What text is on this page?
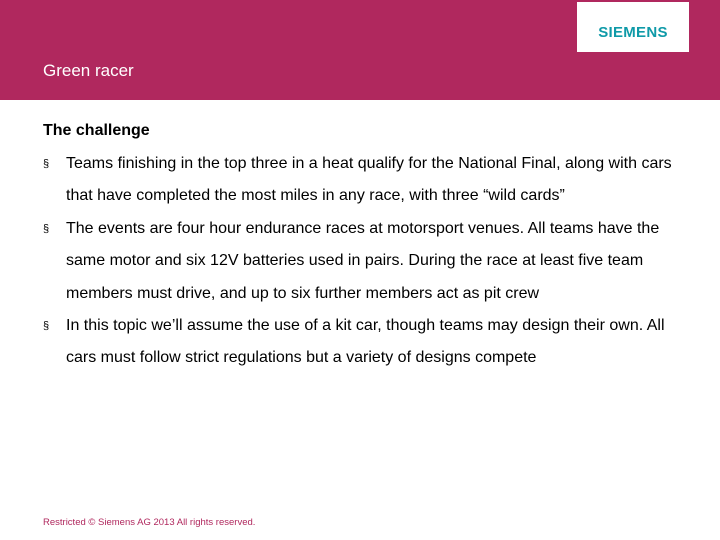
SIEMENS
Green racer
The challenge
§ Teams finishing in the top three in a heat qualify for the National Final, along with cars that have completed the most miles in any race, with three “wild cards”
§ The events are four hour endurance races at motorsport venues. All teams have the same motor and six 12V batteries used in pairs. During the race at least five team members must drive, and up to six further members act as pit crew
§ In this topic we’ll assume the use of a kit car, though teams may design their own. All cars must follow strict regulations but a variety of designs compete
Restricted © Siemens AG 2013 All rights reserved.
